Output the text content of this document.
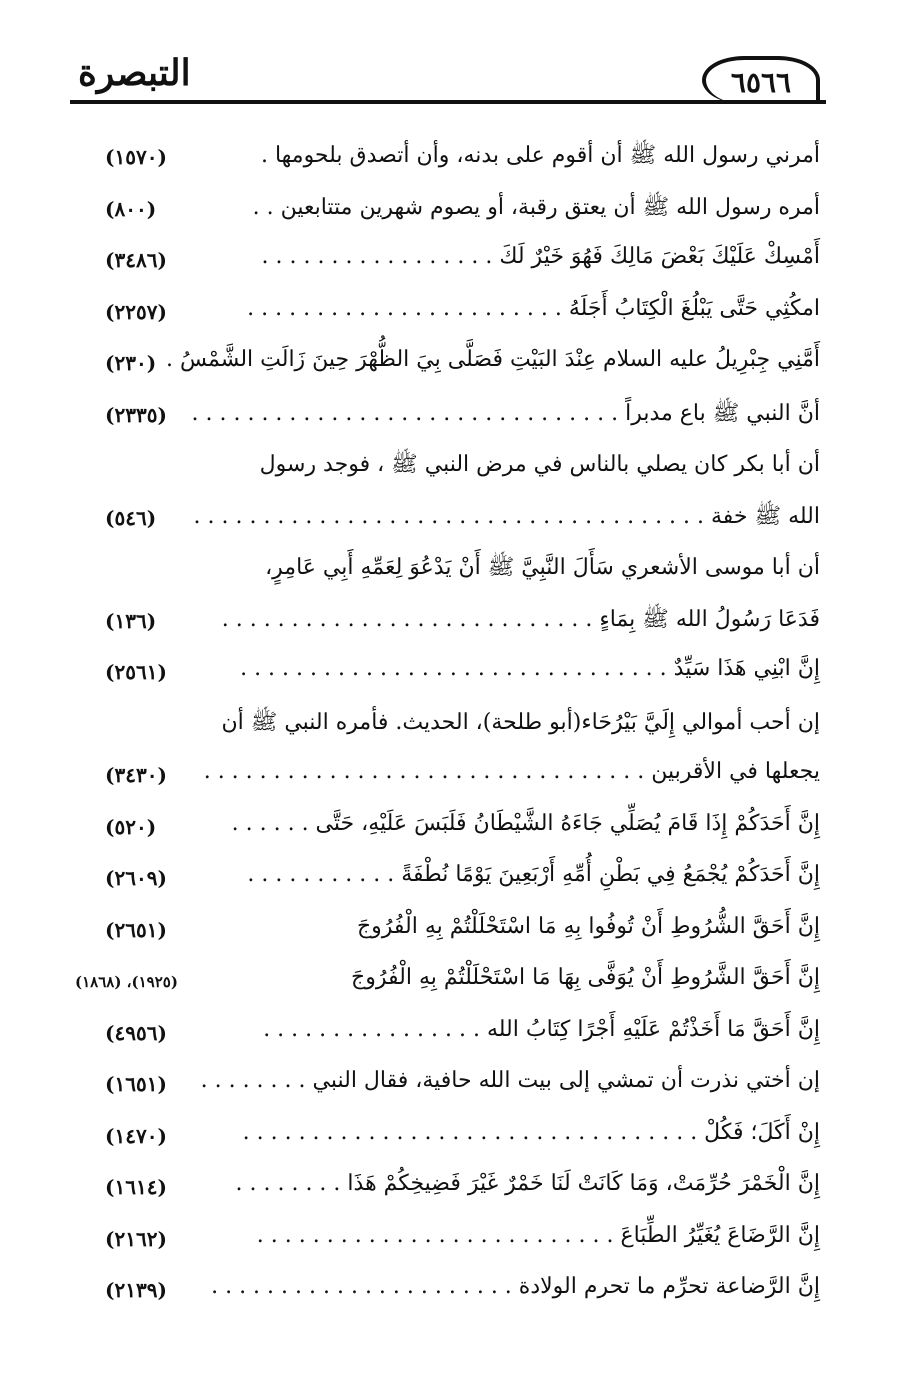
التبصرة	٦٥٦٦
أمرني رسول الله ﷺ أن أقوم على بدنه، وأن أتصدق بلحومها .
(١٥٧٠)
أمره رسول الله ﷺ أن يعتق رقبة، أو يصوم شهرين متتابعين . .
(٨٠٠)
أَمْسِكْ عَلَيْكَ بَعْضَ مَالِكَ فَهُوَ خَيْرٌ لَكَ . . . . . . . . . . . . . . . . .
(٣٤٨٦)
امكُثِي حَتَّى يَبْلُغَ الْكِتَابُ أَجَلَهُ . . . . . . . . . . . . . . . . . . . . . . .
(٢٢٥٧)
أَمَّنِي جِبْرِيلُ عليه السلام عِنْدَ البَيْتِ فَصَلَّى بِيَ الظُّهْرَ حِينَ زَالَتِ الشَّمْسُ .
(٢٣٠)
أنَّ النبي ﷺ باع مدبراً . . . . . . . . . . . . . . . . . . . . . . . . . . . . . . .
(٢٣٣٥)
أن أبا بكر كان يصلي بالناس في مرض النبي ﷺ ، فوجد رسول
الله ﷺ خفة . . . . . . . . . . . . . . . . . . . . . . . . . . . . . . . . . . . . .
(٥٤٦)
أن أبا موسى الأشعري سَأَلَ النَّبِيَّ ﷺ أَنْ يَدْعُوَ لِعَمِّهِ أَبِي عَامِرٍ،
فَدَعَا رَسُولُ الله ﷺ بِمَاءٍ . . . . . . . . . . . . . . . . . . . . . . . . . . .
(١٣٦)
إِنَّ ابْنِي هَذَا سَيِّدٌ . . . . . . . . . . . . . . . . . . . . . . . . . . . . . . .
(٢٥٦١)
إن أحب أموالي إِلَيَّ بَيْرُحَاء(أبو طلحة)، الحديث. فأمره النبي ﷺ أن
يجعلها في الأقربين . . . . . . . . . . . . . . . . . . . . . . . . . . . . . . . .
(٣٤٣٠)
إِنَّ أَحَدَكُمْ إِذَا قَامَ يُصَلِّي جَاءَهُ الشَّيْطَانُ فَلَبَسَ عَلَيْهِ، حَتَّى . . . . . .
(٥٢٠)
إِنَّ أَحَدَكُمْ يُجْمَعُ فِي بَطْنِ أُمِّهِ أَرْبَعِينَ يَوْمًا نُطْفَةً . . . . . . . . . . .
(٢٦٠٩)
إِنَّ أَحَقَّ الشُّرُوطِ أَنْ تُوفُوا بِهِ مَا اسْتَحْلَلْتُمْ بِهِ الْفُرُوجَ
(٢٦٥١)
إِنَّ أَحَقَّ الشَّرُوطِ أَنْ يُوَفَّى بِهَا مَا اسْتَحْلَلْتُمْ بِهِ الْفُرُوجَ
(١٩٢٥)، (١٨٦٨)
إِنَّ أَحَقَّ مَا أَخَذْتُمْ عَلَيْهِ أَجْرًا كِتَابُ الله . . . . . . . . . . . . . . . .
(٤٩٥٦)
إن أختي نذرت أن تمشي إلى بيت الله حافية، فقال النبي . . . . . . . .
(١٦٥١)
إِنْ أَكَلَ؛ فَكُلْ . . . . . . . . . . . . . . . . . . . . . . . . . . . . . . . . .
(١٤٧٠)
إِنَّ الْخَمْرَ حُرِّمَتْ، وَمَا كَانَتْ لَنَا خَمْرٌ غَيْرَ فَضِيخِكُمْ هَذَا . . . . . . . .
(١٦١٤)
إِنَّ الرَّضَاعَ يُغَيِّرُ الطِّبَاعَ . . . . . . . . . . . . . . . . . . . . . . . . . .
(٢١٦٢)
إِنَّ الرَّضاعة تحرِّم ما تحرم الولادة . . . . . . . . . . . . . . . . . . . . . .
(٢١٣٩)
